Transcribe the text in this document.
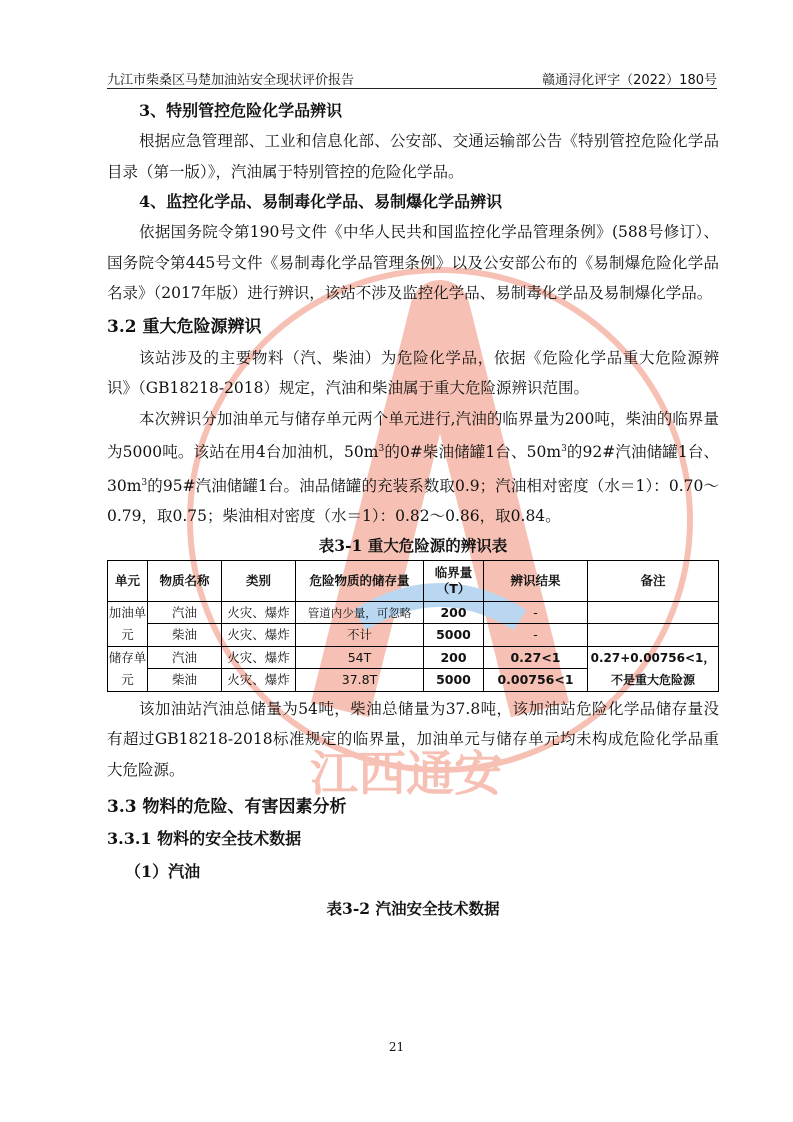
江西通安
九江市柴桑区马楚加油站安全现状评价报告	赣通浔化评字（2022）180号

3、特别管控危险化学品辨识

根据应急管理部、工业和信息化部、公安部、交通运输部公告《特别管控危险化学品目录（第一版）》，汽油属于特别管控的危险化学品。

4、监控化学品、易制毒化学品、易制爆化学品辨识

依据国务院令第190号文件《中华人民共和国监控化学品管理条例》(588号修订）、国务院令第445号文件《易制毒化学品管理条例》以及公安部公布的《易制爆危险化学品名录》（2017年版）进行辨识，该站不涉及监控化学品、易制毒化学品及易制爆化学品。

3.2 重大危险源辨识

该站涉及的主要物料（汽、柴油）为危险化学品，依据《危险化学品重大危险源辨识》（GB18218-2018）规定，汽油和柴油属于重大危险源辨识范围。

本次辨识分加油单元与储存单元两个单元进行,汽油的临界量为200吨，柴油的临界量为5000吨。该站在用4台加油机，$50m^3$的0#柴油储罐1台、$50m^3$的92#汽油储罐1台、$30m^3$的95#汽油储罐1台。油品储罐的充装系数取0.9；汽油相对密度（水＝1）：0.70～0.79，取0.75；柴油相对密度（水＝1）：0.82～0.86，取0.84。

表3-1 重大危险源的辨识表

单元	物质名称	类别	危险物质的储存量	临界量（T）	辨识结果	备注
加油单元	汽油	火灾、爆炸	管道内少量，可忽略	200	-	
	柴油	火灾、爆炸	不计	5000	-	
储存单元	汽油	火灾、爆炸	54T	200	0.27<1	0.27+0.00756<1，不是重大危险源
	柴油	火灾、爆炸	37.8T	5000	0.00756<1	

该加油站汽油总储量为54吨，柴油总储量为37.8吨，该加油站危险化学品储存量没有超过GB18218-2018标准规定的临界量，加油单元与储存单元均未构成危险化学品重大危险源。

3.3 物料的危险、有害因素分析

3.3.1 物料的安全技术数据

（1）汽油

表3-2 汽油安全技术数据

21
